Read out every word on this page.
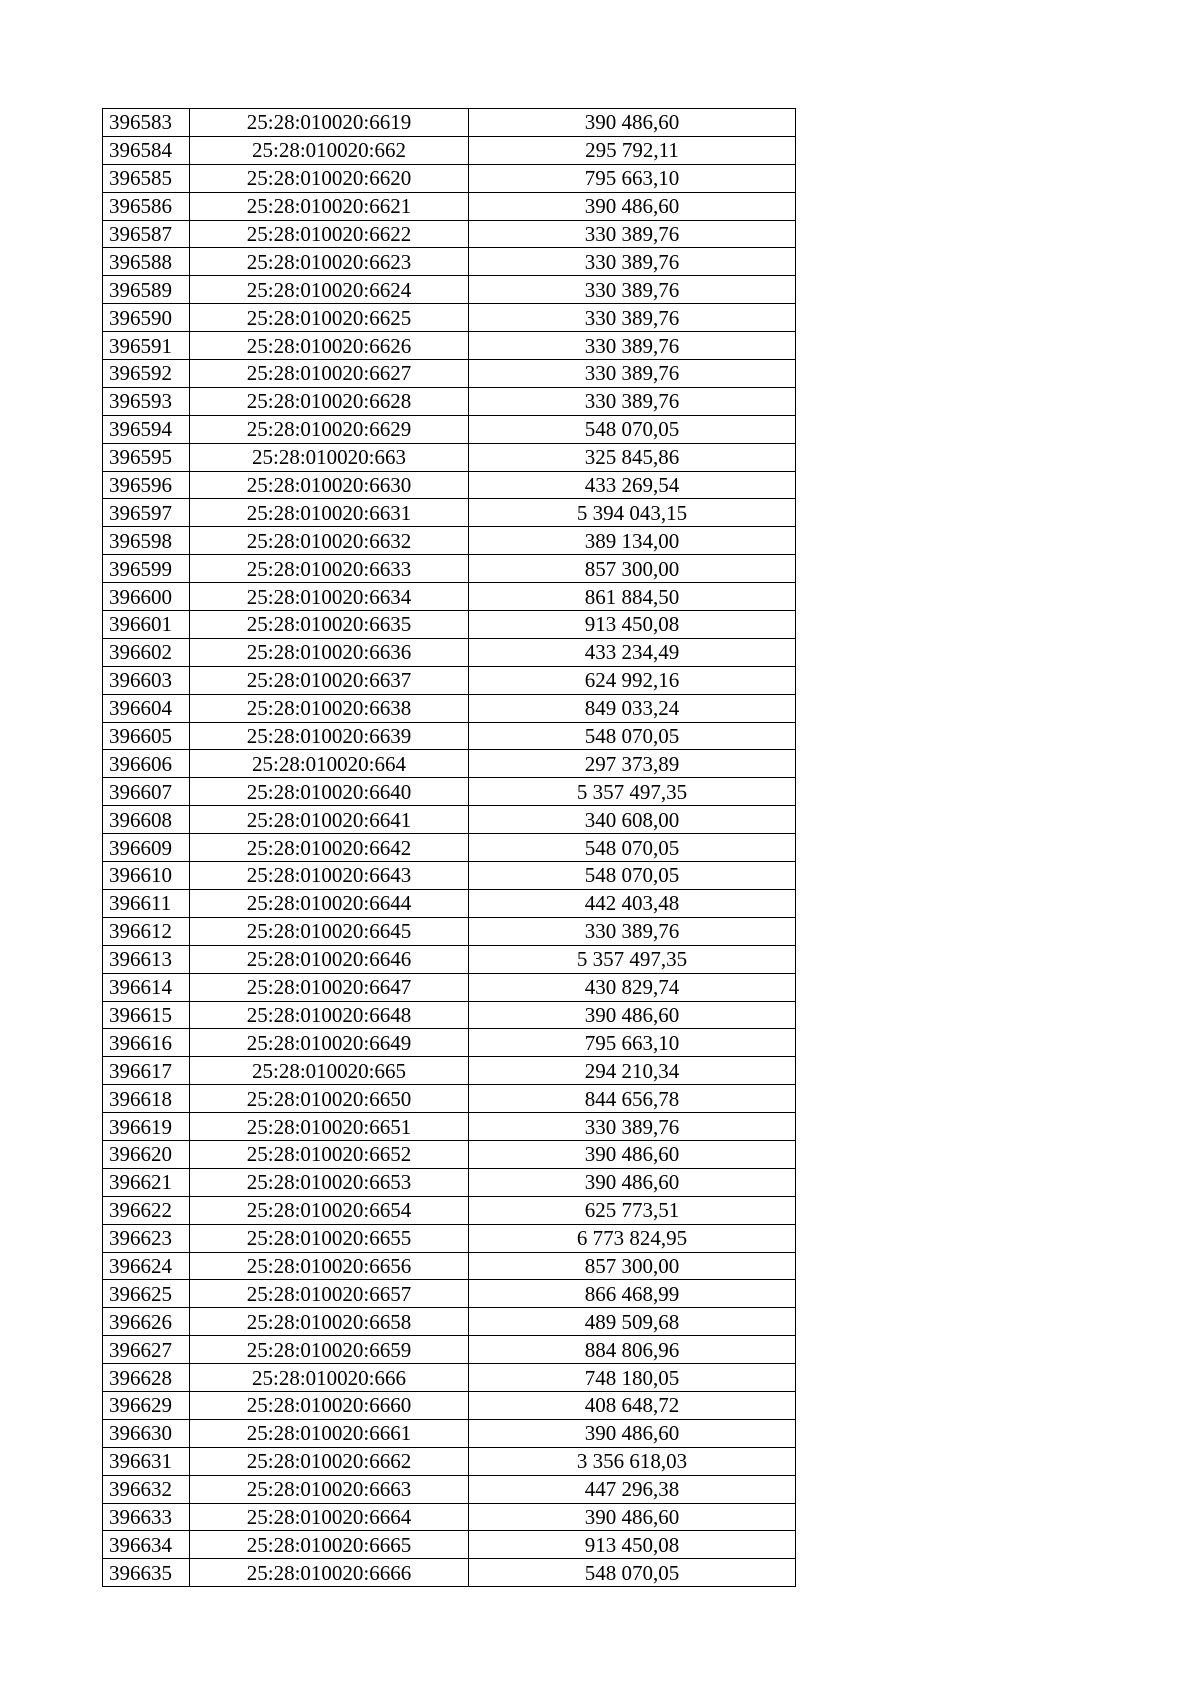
396583	25:28:010020:6619	390 486,60
396584	25:28:010020:662	295 792,11
396585	25:28:010020:6620	795 663,10
396586	25:28:010020:6621	390 486,60
396587	25:28:010020:6622	330 389,76
396588	25:28:010020:6623	330 389,76
396589	25:28:010020:6624	330 389,76
396590	25:28:010020:6625	330 389,76
396591	25:28:010020:6626	330 389,76
396592	25:28:010020:6627	330 389,76
396593	25:28:010020:6628	330 389,76
396594	25:28:010020:6629	548 070,05
396595	25:28:010020:663	325 845,86
396596	25:28:010020:6630	433 269,54
396597	25:28:010020:6631	5 394 043,15
396598	25:28:010020:6632	389 134,00
396599	25:28:010020:6633	857 300,00
396600	25:28:010020:6634	861 884,50
396601	25:28:010020:6635	913 450,08
396602	25:28:010020:6636	433 234,49
396603	25:28:010020:6637	624 992,16
396604	25:28:010020:6638	849 033,24
396605	25:28:010020:6639	548 070,05
396606	25:28:010020:664	297 373,89
396607	25:28:010020:6640	5 357 497,35
396608	25:28:010020:6641	340 608,00
396609	25:28:010020:6642	548 070,05
396610	25:28:010020:6643	548 070,05
396611	25:28:010020:6644	442 403,48
396612	25:28:010020:6645	330 389,76
396613	25:28:010020:6646	5 357 497,35
396614	25:28:010020:6647	430 829,74
396615	25:28:010020:6648	390 486,60
396616	25:28:010020:6649	795 663,10
396617	25:28:010020:665	294 210,34
396618	25:28:010020:6650	844 656,78
396619	25:28:010020:6651	330 389,76
396620	25:28:010020:6652	390 486,60
396621	25:28:010020:6653	390 486,60
396622	25:28:010020:6654	625 773,51
396623	25:28:010020:6655	6 773 824,95
396624	25:28:010020:6656	857 300,00
396625	25:28:010020:6657	866 468,99
396626	25:28:010020:6658	489 509,68
396627	25:28:010020:6659	884 806,96
396628	25:28:010020:666	748 180,05
396629	25:28:010020:6660	408 648,72
396630	25:28:010020:6661	390 486,60
396631	25:28:010020:6662	3 356 618,03
396632	25:28:010020:6663	447 296,38
396633	25:28:010020:6664	390 486,60
396634	25:28:010020:6665	913 450,08
396635	25:28:010020:6666	548 070,05
